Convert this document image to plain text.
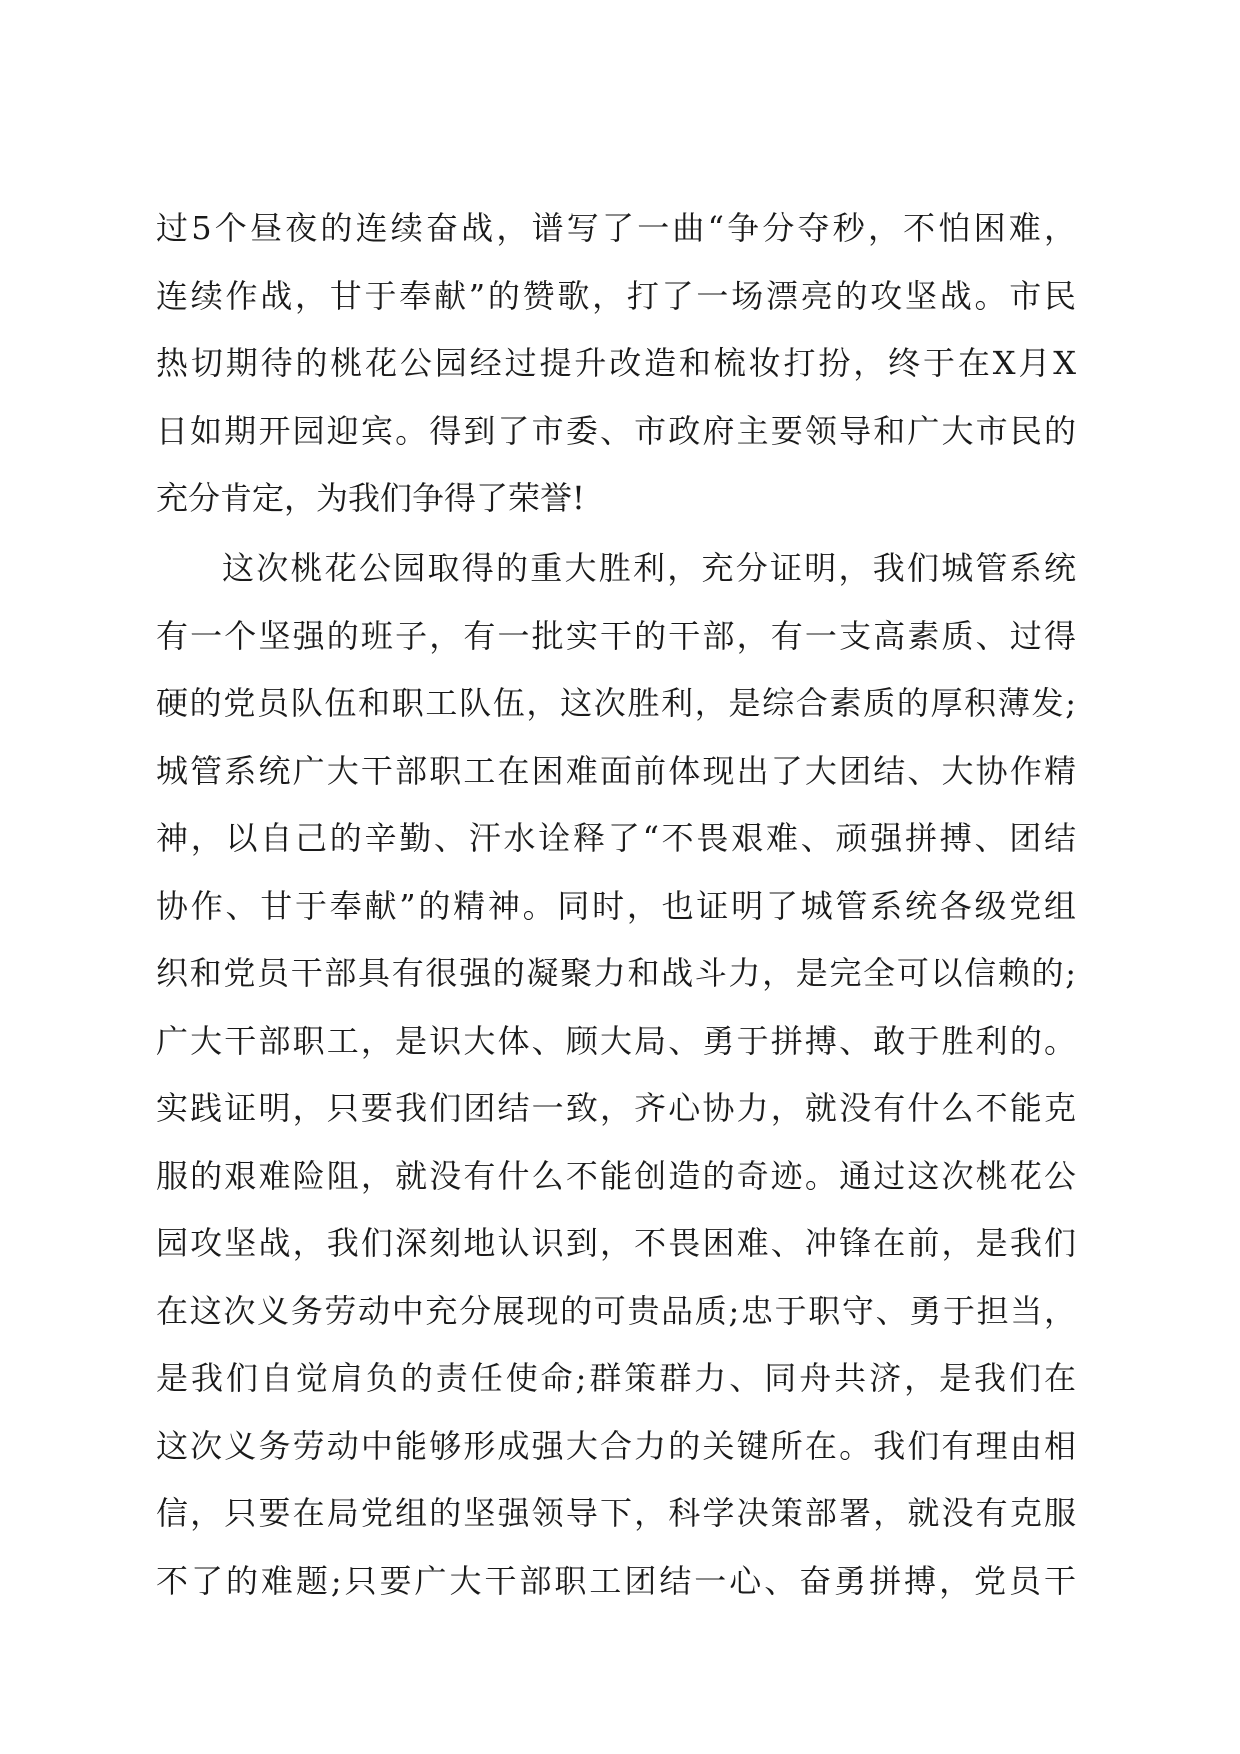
过5个昼夜的连续奋战，谱写了一曲“争分夺秒，不怕困难，
连续作战，甘于奉献”的赞歌，打了一场漂亮的攻坚战。市民
热切期待的桃花公园经过提升改造和梳妆打扮，终于在X月X
日如期开园迎宾。得到了市委、市政府主要领导和广大市民的
充分肯定，为我们争得了荣誉!
这次桃花公园取得的重大胜利，充分证明，我们城管系统
有一个坚强的班子，有一批实干的干部，有一支高素质、过得
硬的党员队伍和职工队伍，这次胜利，是综合素质的厚积薄发;
城管系统广大干部职工在困难面前体现出了大团结、大协作精
神，以自己的辛勤、汗水诠释了“不畏艰难、顽强拼搏、团结
协作、甘于奉献”的精神。同时，也证明了城管系统各级党组
织和党员干部具有很强的凝聚力和战斗力，是完全可以信赖的;
广大干部职工，是识大体、顾大局、勇于拼搏、敢于胜利的。
实践证明，只要我们团结一致，齐心协力，就没有什么不能克
服的艰难险阻，就没有什么不能创造的奇迹。通过这次桃花公
园攻坚战，我们深刻地认识到，不畏困难、冲锋在前，是我们
在这次义务劳动中充分展现的可贵品质;忠于职守、勇于担当，
是我们自觉肩负的责任使命;群策群力、同舟共济，是我们在
这次义务劳动中能够形成强大合力的关键所在。我们有理由相
信，只要在局党组的坚强领导下，科学决策部署，就没有克服
不了的难题;只要广大干部职工团结一心、奋勇拼搏，党员干
